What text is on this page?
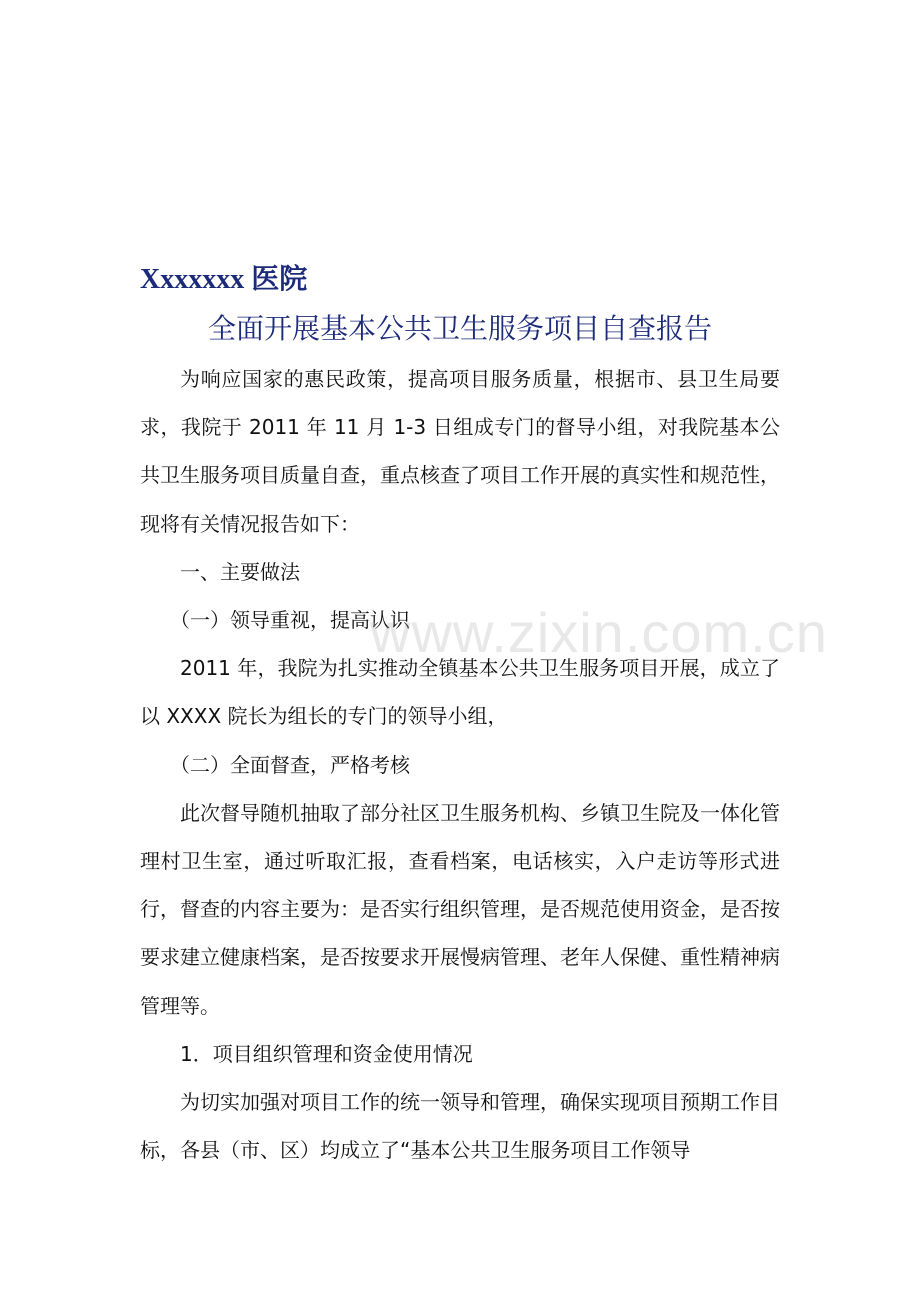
Xxxxxxx 医院
全面开展基本公共卫生服务项目自查报告

为响应国家的惠民政策，提高项目服务质量，根据市、县卫生局要求，我院于 2011 年 11 月 1-3 日组成专门的督导小组，对我院基本公共卫生服务项目质量自查，重点核查了项目工作开展的真实性和规范性，现将有关情况报告如下：

一、主要做法

（一）领导重视，提高认识

2011 年，我院为扎实推动全镇基本公共卫生服务项目开展，成立了以 XXXX 院长为组长的专门的领导小组，

（二）全面督查，严格考核

此次督导随机抽取了部分社区卫生服务机构、乡镇卫生院及一体化管理村卫生室，通过听取汇报，查看档案，电话核实，入户走访等形式进行，督查的内容主要为：是否实行组织管理，是否规范使用资金，是否按要求建立健康档案，是否按要求开展慢病管理、老年人保健、重性精神病管理等。

1．项目组织管理和资金使用情况

为切实加强对项目工作的统一领导和管理，确保实现项目预期工作目标，各县（市、区）均成立了“基本公共卫生服务项目工作领导

www.zixin.com.cn
